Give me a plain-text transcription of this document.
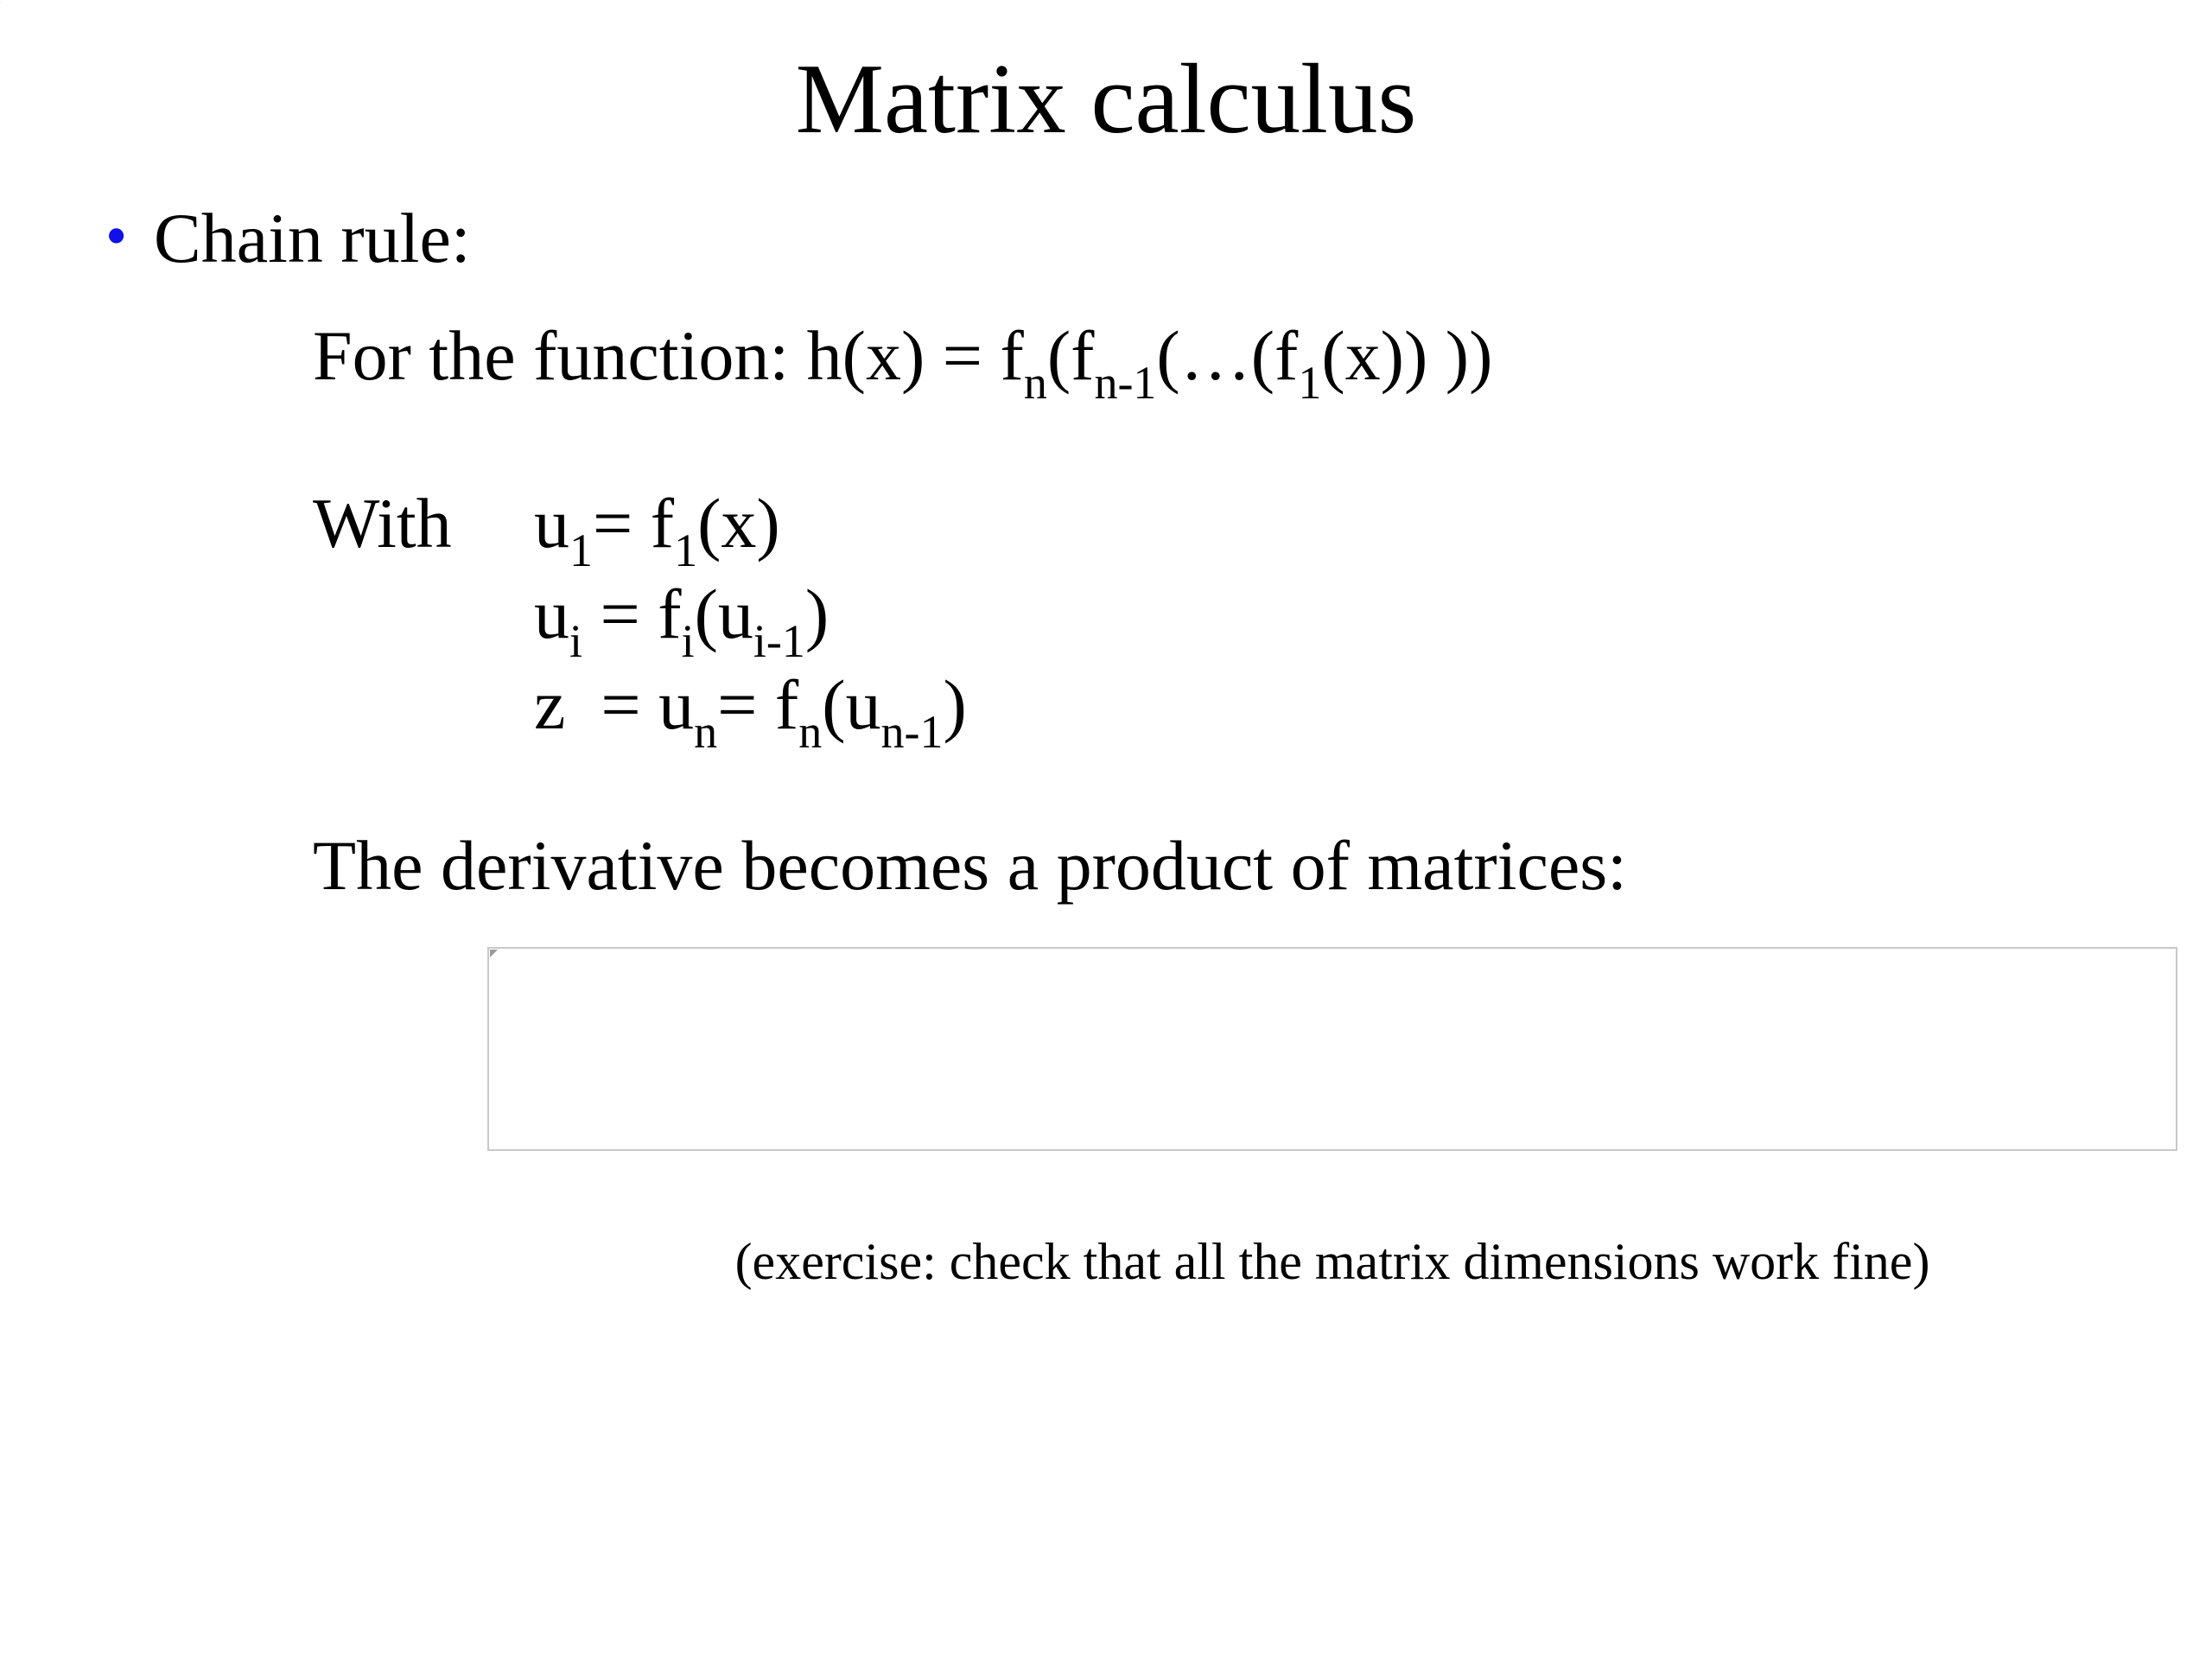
·
Matrix calculus
• Chain rule:
For the function: $h(x) = f_n(f_{n-1}(\dots(f_1(x))$ ))
With $u_1= f_1(x)$
$u_i = f_i(u_{i-1})$
$z = u_n= f_n(u_{n-1})$
The derivative becomes a product of matrices:
(exercise: check that all the matrix dimensions work fine)
